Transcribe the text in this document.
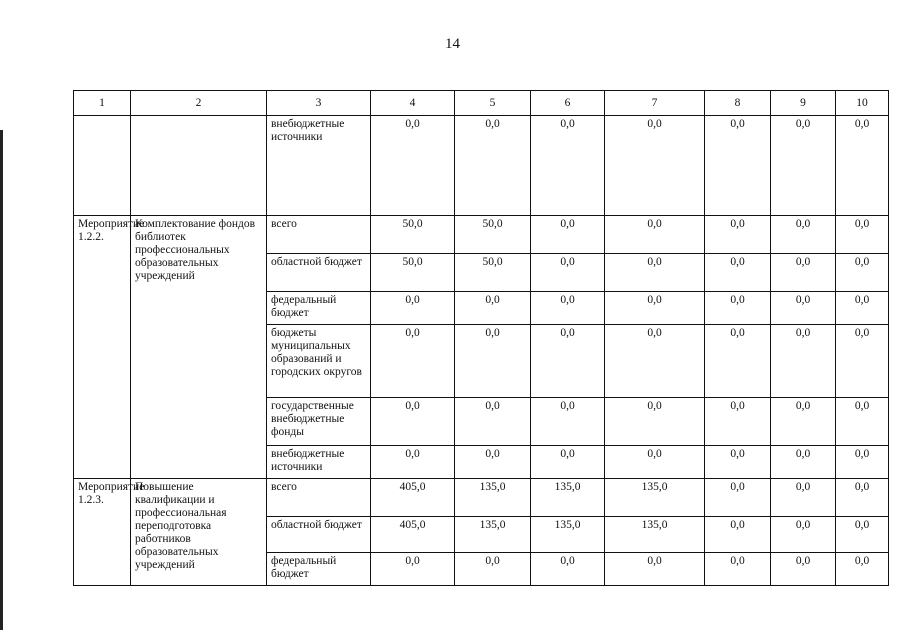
14
1	2	3	4	5	6	7	8	9	10
		внебюджетные источники	0,0	0,0	0,0	0,0	0,0	0,0	0,0
Мероприятие 1.2.2.	Комплектование фондов библиотек профессиональных образовательных учреждений	всего	50,0	50,0	0,0	0,0	0,0	0,0	0,0
		областной бюджет	50,0	50,0	0,0	0,0	0,0	0,0	0,0
		федеральный бюджет	0,0	0,0	0,0	0,0	0,0	0,0	0,0
		бюджеты муниципальных образований и городских округов	0,0	0,0	0,0	0,0	0,0	0,0	0,0
		государственные внебюджетные фонды	0,0	0,0	0,0	0,0	0,0	0,0	0,0
		внебюджетные источники	0,0	0,0	0,0	0,0	0,0	0,0	0,0
Мероприятие 1.2.3.	Повышение квалификации и профессиональная переподготовка работников образовательных учреждений	всего	405,0	135,0	135,0	135,0	0,0	0,0	0,0
		областной бюджет	405,0	135,0	135,0	135,0	0,0	0,0	0,0
		федеральный бюджет	0,0	0,0	0,0	0,0	0,0	0,0	0,0
